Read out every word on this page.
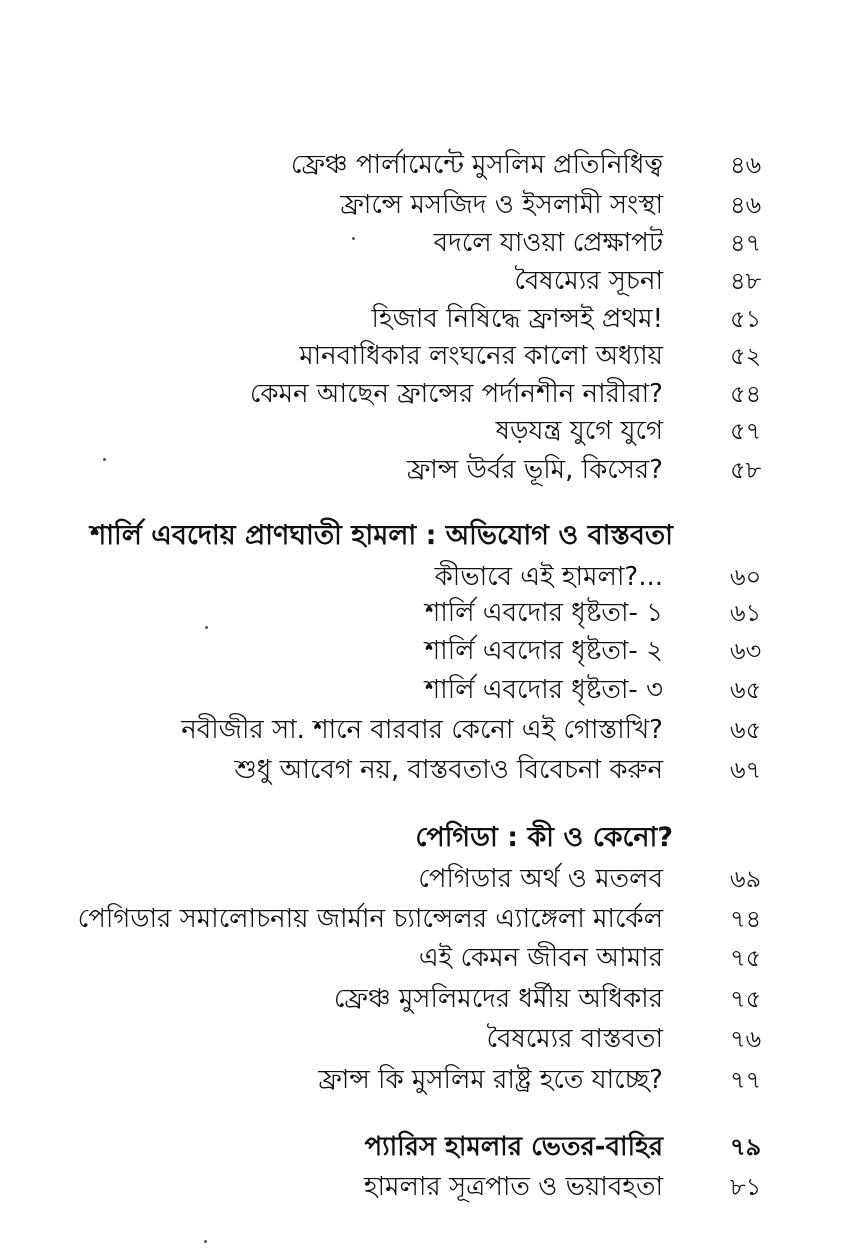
ফ্রেঞ্চ পার্লামেন্টে মুসলিম প্রতিনিধিত্ব	৪৬
ফ্রান্সে মসজিদ ও ইসলামী সংস্থা	৪৬
বদলে যাওয়া প্রেক্ষাপট	৪৭
বৈষম্যের সূচনা	৪৮
হিজাব নিষিদ্ধে ফ্রান্সই প্রথম!	৫১
মানবাধিকার লংঘনের কালো অধ্যায়	৫২
কেমন আছেন ফ্রান্সের পর্দানশীন নারীরা?	৫৪
ষড়যন্ত্র যুগে যুগে	৫৭
ফ্রান্স উর্বর ভূমি, কিসের?	৫৮
শার্লি এবদোয় প্রাণঘাতী হামলা : অভিযোগ ও বাস্তবতা
কীভাবে এই হামলা?...	৬০
শার্লি এবদোর ধৃষ্টতা- ১	৬১
শার্লি এবদোর ধৃষ্টতা- ২	৬৩
শার্লি এবদোর ধৃষ্টতা- ৩	৬৫
নবীজীর সা. শানে বারবার কেনো এই গোস্তাখি?	৬৫
শুধু আবেগ নয়, বাস্তবতাও বিবেচনা করুন	৬৭
পেগিডা : কী ও কেনো?
পেগিডার অর্থ ও মতলব	৬৯
পেগিডার সমালোচনায় জার্মান চ্যান্সেলর এ্যাঙ্গেলা মার্কেল	৭৪
এই কেমন জীবন আমার	৭৫
ফ্রেঞ্চ মুসলিমদের ধর্মীয় অধিকার	৭৫
বৈষম্যের বাস্তবতা	৭৬
ফ্রান্স কি মুসলিম রাষ্ট্র হতে যাচ্ছে?	৭৭
প্যারিস হামলার ভেতর-বাহির	৭৯
হামলার সূত্রপাত ও ভয়াবহতা	৮১
